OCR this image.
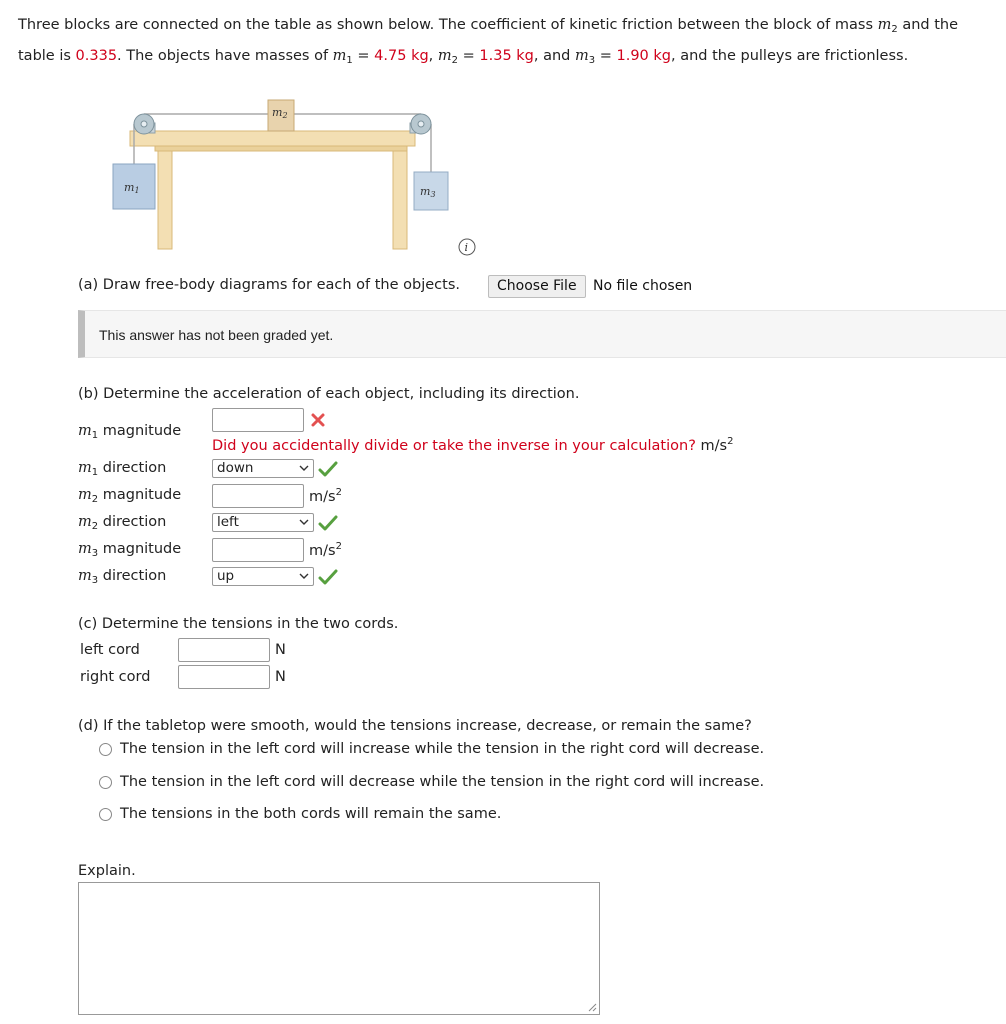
Three blocks are connected on the table as shown below. The coefficient of kinetic friction between the block of mass $m_2$ and the table is 0.335. The objects have masses of $m_1 = 4.75$ kg, $m_2 = 1.35$ kg, and $m_3 = 1.90$ kg, and the pulleys are frictionless.
m2
m1	m3
i
(a) Draw free-body diagrams for each of the objects.	Choose File	No file chosen
This answer has not been graded yet.
(b) Determine the acceleration of each object, including its direction.
$m_1$ magnitude
Did you accidentally divide or take the inverse in your calculation? $m/s^2$
$m_1$ direction	down
$m_2$ magnitude	$m/s^2$
$m_2$ direction	left
$m_3$ magnitude	$m/s^2$
$m_3$ direction	up
(c) Determine the tensions in the two cords.
left cord	N
right cord	N
(d) If the tabletop were smooth, would the tensions increase, decrease, or remain the same?
The tension in the left cord will increase while the tension in the right cord will decrease.
The tension in the left cord will decrease while the tension in the right cord will increase.
The tensions in the both cords will remain the same.
Explain.
